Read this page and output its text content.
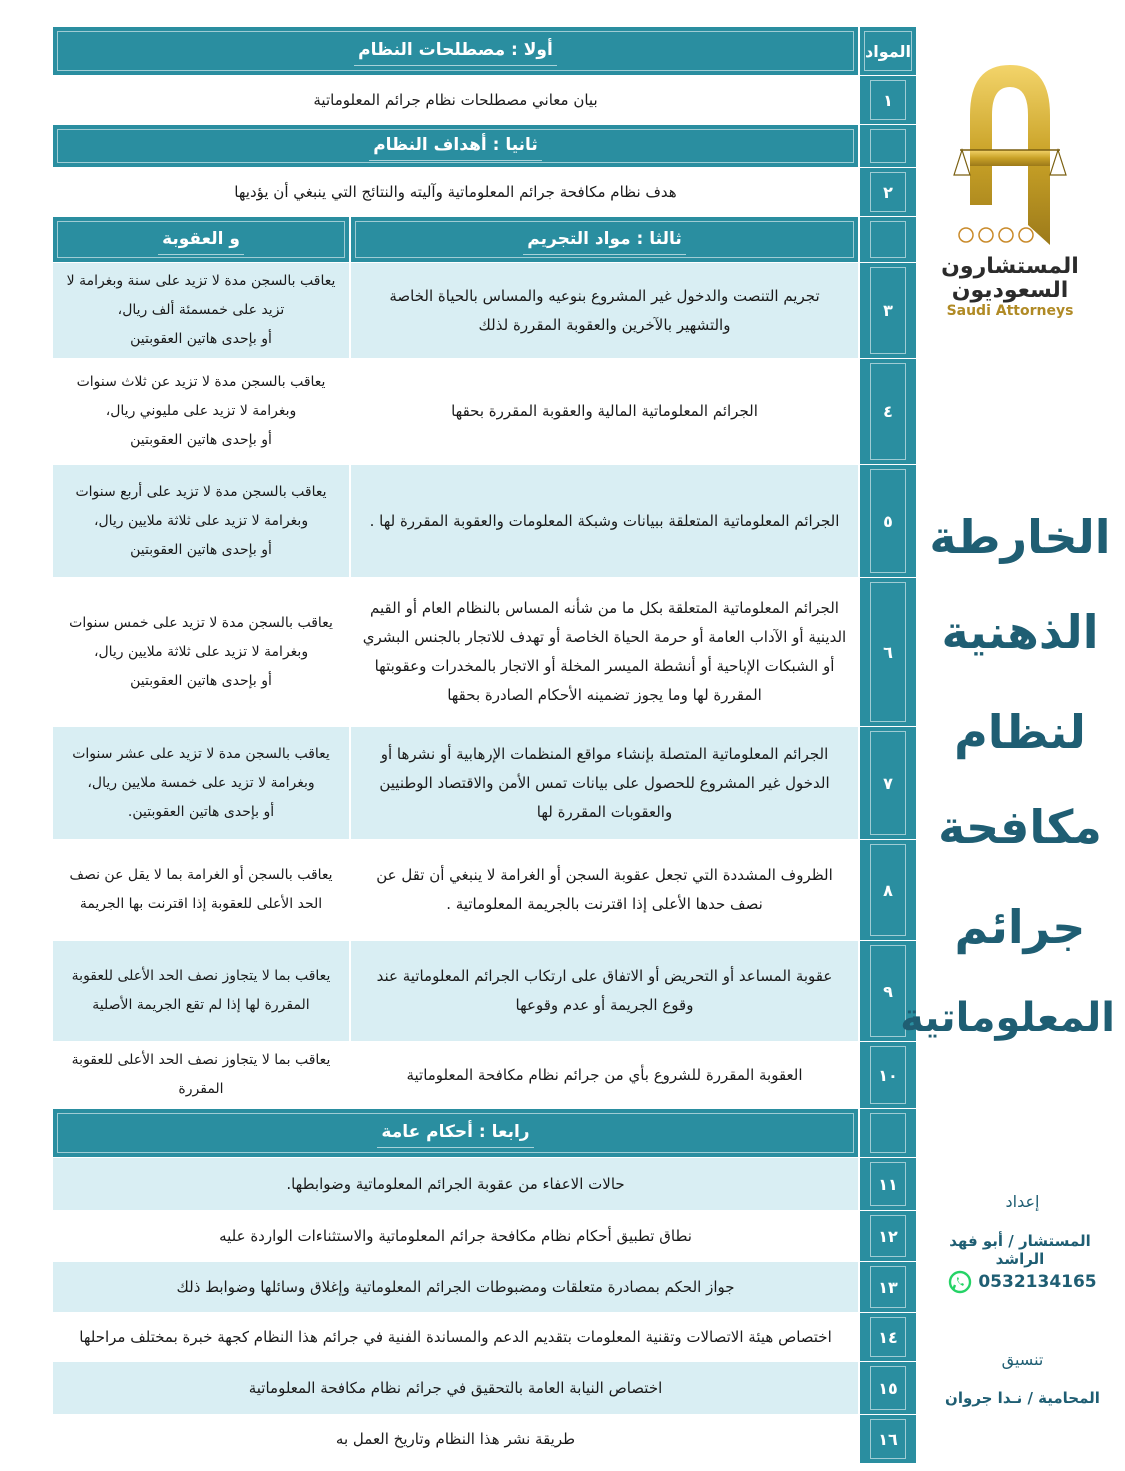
المواد
أولا : مصطلحات النظام
١
بيان معاني مصطلحات نظام جرائم المعلوماتية
ثانيا : أهداف النظام
٢
هدف نظام مكافحة جرائم المعلوماتية وآليته والنتائج التي ينبغي أن يؤديها
ثالثا : مواد التجريم
و العقوبة
٣
تجريم التنصت والدخول غير المشروع بنوعيه والمساس بالحياة الخاصة والتشهير بالآخرين والعقوبة المقررة لذلك
يعاقب بالسجن مدة لا تزيد على سنة وبغرامة لا
تزيد على خمسمئة ألف ريال،
أو بإحدى هاتين العقوبتين
٤
الجرائم المعلوماتية المالية والعقوبة المقررة بحقها
يعاقب بالسجن مدة لا تزيد عن ثلاث سنوات
وبغرامة لا تزيد على مليوني ريال،
أو بإحدى هاتين العقوبتين
٥
الجرائم المعلوماتية المتعلقة ببيانات وشبكة المعلومات والعقوبة المقررة لها .
يعاقب بالسجن مدة لا تزيد على أربع سنوات
وبغرامة لا تزيد على ثلاثة ملايين ريال،
أو بإحدى هاتين العقوبتين
٦
الجرائم المعلوماتية المتعلقة بكل ما من شأنه المساس بالنظام العام أو القيم الدينية أو الآداب العامة أو حرمة الحياة الخاصة أو تهدف للاتجار بالجنس البشري أو الشبكات الإباحية أو أنشطة الميسر المخلة أو الاتجار بالمخدرات وعقوبتها المقررة لها وما يجوز تضمينه الأحكام الصادرة بحقها
يعاقب بالسجن مدة لا تزيد على خمس سنوات
وبغرامة لا تزيد على ثلاثة ملايين ريال،
أو بإحدى هاتين العقوبتين
٧
الجرائم المعلوماتية المتصلة بإنشاء مواقع المنظمات الإرهابية أو نشرها أو الدخول غير المشروع للحصول على بيانات تمس الأمن والاقتصاد الوطنيين والعقوبات المقررة لها
يعاقب بالسجن مدة لا تزيد على عشر سنوات
وبغرامة لا تزيد على خمسة ملايين ريال،
أو بإحدى هاتين العقوبتين.
٨
الظروف المشددة التي تجعل عقوبة السجن أو الغرامة لا ينبغي أن تقل عن نصف حدها الأعلى إذا اقترنت بالجريمة المعلوماتية .
يعاقب بالسجن أو الغرامة بما لا يقل عن نصف
الحد الأعلى للعقوبة إذا اقترنت بها الجريمة
٩
عقوبة المساعد أو التحريض أو الاتفاق على ارتكاب الجرائم المعلوماتية عند وقوع الجريمة أو عدم وقوعها
يعاقب بما لا يتجاوز نصف الحد الأعلى للعقوبة
المقررة لها إذا لم تقع الجريمة الأصلية
١٠
العقوبة المقررة للشروع بأي من جرائم نظام مكافحة المعلوماتية
يعاقب بما لا يتجاوز نصف الحد الأعلى للعقوبة
المقررة
رابعا : أحكام عامة
١١
حالات الاعفاء من عقوبة الجرائم المعلوماتية وضوابطها.
١٢
نطاق تطبيق أحكام نظام مكافحة جرائم المعلوماتية والاستثناءات الواردة عليه
١٣
جواز الحكم بمصادرة متعلقات ومضبوطات الجرائم المعلوماتية وإغلاق وسائلها وضوابط ذلك
١٤
اختصاص هيئة الاتصالات وتقنية المعلومات بتقديم الدعم والمساندة الفنية في جرائم هذا النظام كجهة خبرة بمختلف مراحلها
١٥
اختصاص النيابة العامة بالتحقيق في جرائم نظام مكافحة المعلوماتية
١٦
طريقة نشر هذا النظام وتاريخ العمل به
المستشارون
السعوديون
Saudi Attorneys
الخارطة
الذهنية
لنظام
مكافحة
جرائم
المعلوماتية
إعداد
المستشار / أبو فهد الراشد
0532134165
تنسيق
المحامية / نـدا جروان
